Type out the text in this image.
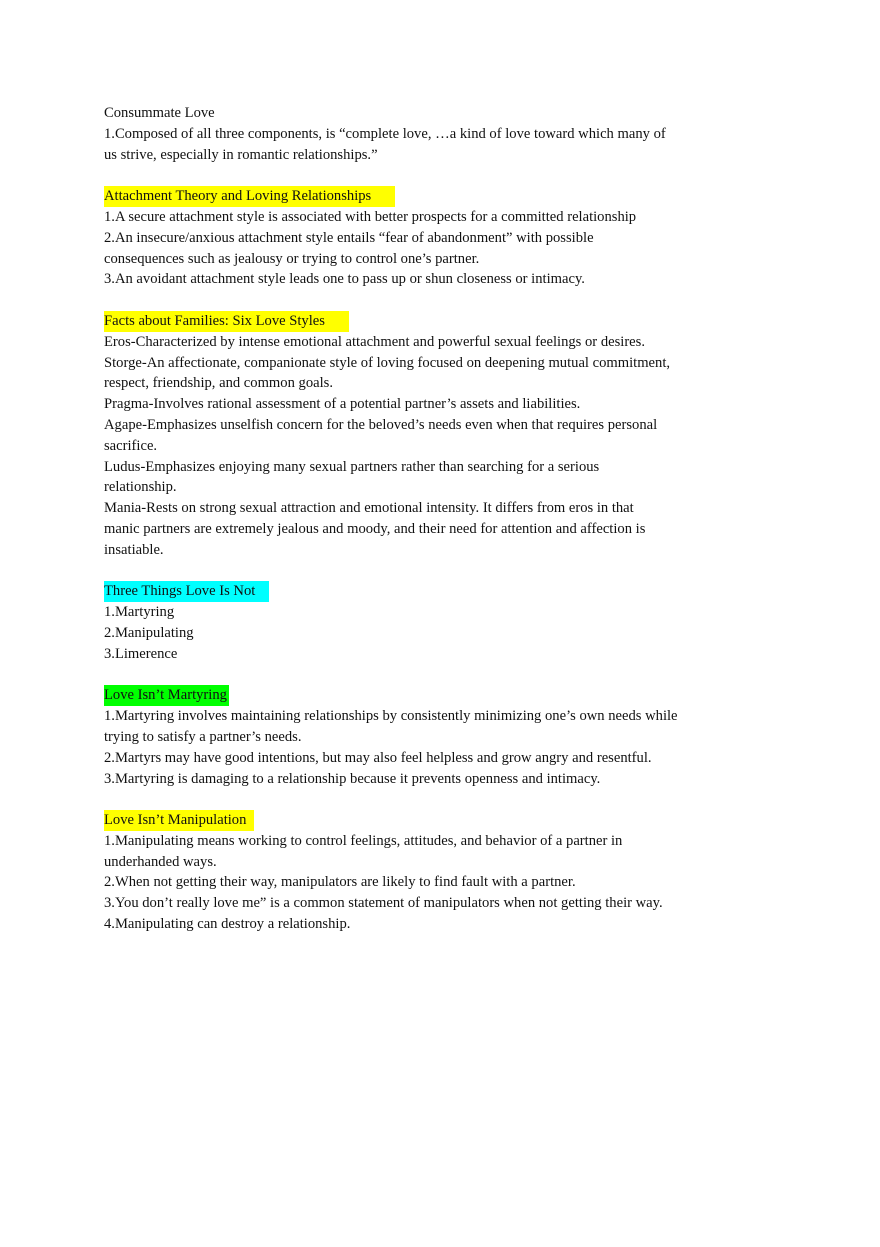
Consummate Love

1.Composed of all three components, is “complete love, …a kind of love toward which many of

us strive, especially in romantic relationships.”

Attachment Theory and Loving Relationships

1.A secure attachment style is associated with better prospects for a committed relationship

2.An insecure/anxious attachment style entails “fear of abandonment” with possible

consequences such as jealousy or trying to control one’s partner.

3.An avoidant attachment style leads one to pass up or shun closeness or intimacy.

Facts about Families: Six Love Styles

Eros-Characterized by intense emotional attachment and powerful sexual feelings or desires.

Storge-An affectionate, companionate style of loving focused on deepening mutual commitment,

respect, friendship, and common goals.

Pragma-Involves rational assessment of a potential partner’s assets and liabilities.

Agape-Emphasizes unselfish concern for the beloved’s needs even when that requires personal

sacrifice.

Ludus-Emphasizes enjoying many sexual partners rather than searching for a serious

relationship.

Mania-Rests on strong sexual attraction and emotional intensity. It differs from eros in that

manic partners are extremely jealous and moody, and their need for attention and affection is

insatiable.

Three Things Love Is Not

1.Martyring

2.Manipulating

3.Limerence

Love Isn’t Martyring

1.Martyring involves maintaining relationships by consistently minimizing one’s own needs while

trying to satisfy a partner’s needs.

2.Martyrs may have good intentions, but may also feel helpless and grow angry and resentful.

3.Martyring is damaging to a relationship because it prevents openness and intimacy.

Love Isn’t Manipulation

1.Manipulating means working to control feelings, attitudes, and behavior of a partner in

underhanded ways.

2.When not getting their way, manipulators are likely to find fault with a partner.

3.You don’t really love me” is a common statement of manipulators when not getting their way.

4.Manipulating can destroy a relationship.
